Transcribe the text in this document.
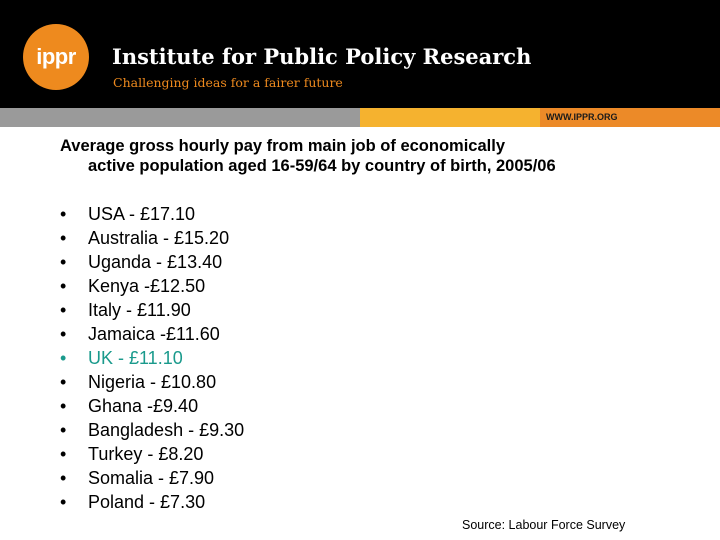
ippr	Institute for Public Policy Research
Challenging ideas for a fairer future
WWW.IPPR.ORG
Average gross hourly pay from main job of economically
active population aged 16-59/64 by country of birth, 2005/06
• USA - £17.10
• Australia - £15.20
• Uganda - £13.40
• Kenya -£12.50
• Italy - £11.90
• Jamaica -£11.60
• UK - £11.10
• Nigeria - £10.80
• Ghana -£9.40
• Bangladesh - £9.30
• Turkey - £8.20
• Somalia - £7.90
• Poland - £7.30
Source: Labour Force Survey
